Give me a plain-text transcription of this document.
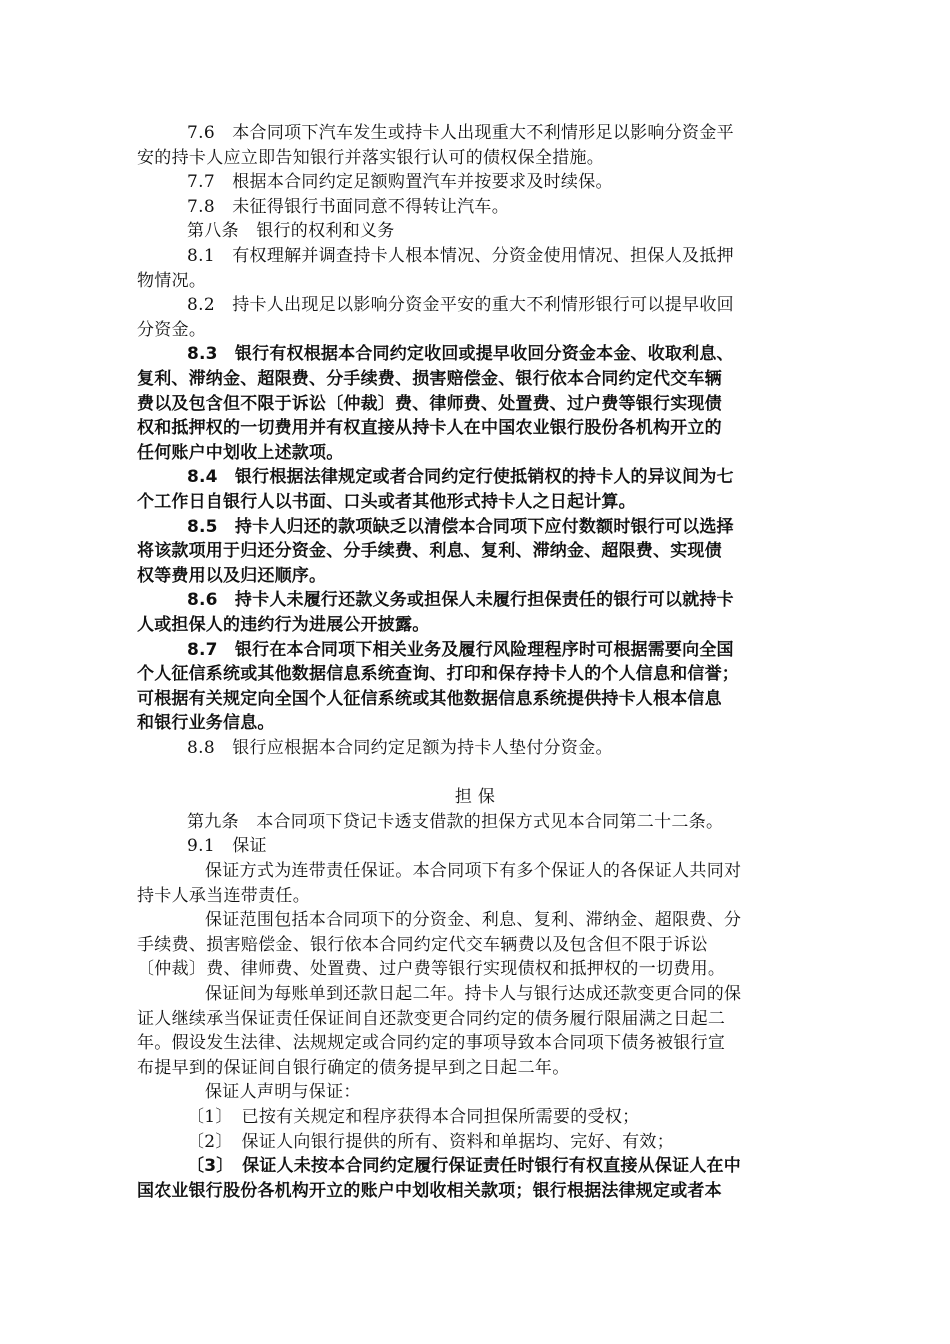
7.6　本合同项下汽车发生或持卡人出现重大不利情形足以影响分资金平
安的持卡人应立即告知银行并落实银行认可的债权保全措施。
7.7　根据本合同约定足额购置汽车并按要求及时续保。
7.8　未征得银行书面同意不得转让汽车。
第八条　银行的权利和义务
8.1　有权理解并调查持卡人根本情况、分资金使用情况、担保人及抵押
物情况。
8.2　持卡人出现足以影响分资金平安的重大不利情形银行可以提早收回
分资金。
8.3　银行有权根据本合同约定收回或提早收回分资金本金、收取利息、
复利、滞纳金、超限费、分手续费、损害赔偿金、银行依本合同约定代交车辆
费以及包含但不限于诉讼〔仲裁〕费、律师费、处置费、过户费等银行实现债
权和抵押权的一切费用并有权直接从持卡人在中国农业银行股份各机构开立的
任何账户中划收上述款项。
8.4　银行根据法律规定或者合同约定行使抵销权的持卡人的异议间为七
个工作日自银行人以书面、口头或者其他形式持卡人之日起计算。
8.5　持卡人归还的款项缺乏以清偿本合同项下应付数额时银行可以选择
将该款项用于归还分资金、分手续费、利息、复利、滞纳金、超限费、实现债
权等费用以及归还顺序。
8.6　持卡人未履行还款义务或担保人未履行担保责任的银行可以就持卡
人或担保人的违约行为进展公开披露。
8.7　银行在本合同项下相关业务及履行风险理程序时可根据需要向全国
个人征信系统或其他数据信息系统查询、打印和保存持卡人的个人信息和信誉；
可根据有关规定向全国个人征信系统或其他数据信息系统提供持卡人根本信息
和银行业务信息。
8.8　银行应根据本合同约定足额为持卡人垫付分资金。
担 保
第九条　本合同项下贷记卡透支借款的担保方式见本合同第二十二条。
9.1　保证
保证方式为连带责任保证。本合同项下有多个保证人的各保证人共同对
持卡人承当连带责任。
保证范围包括本合同项下的分资金、利息、复利、滞纳金、超限费、分
手续费、损害赔偿金、银行依本合同约定代交车辆费以及包含但不限于诉讼
〔仲裁〕费、律师费、处置费、过户费等银行实现债权和抵押权的一切费用。
保证间为每账单到还款日起二年。持卡人与银行达成还款变更合同的保
证人继续承当保证责任保证间自还款变更合同约定的债务履行限届满之日起二
年。假设发生法律、法规规定或合同约定的事项导致本合同项下债务被银行宣
布提早到的保证间自银行确定的债务提早到之日起二年。
保证人声明与保证：
〔1〕　已按有关规定和程序获得本合同担保所需要的受权；
〔2〕　保证人向银行提供的所有、资料和单据均、完好、有效；
〔3〕　保证人未按本合同约定履行保证责任时银行有权直接从保证人在中
国农业银行股份各机构开立的账户中划收相关款项；银行根据法律规定或者本
